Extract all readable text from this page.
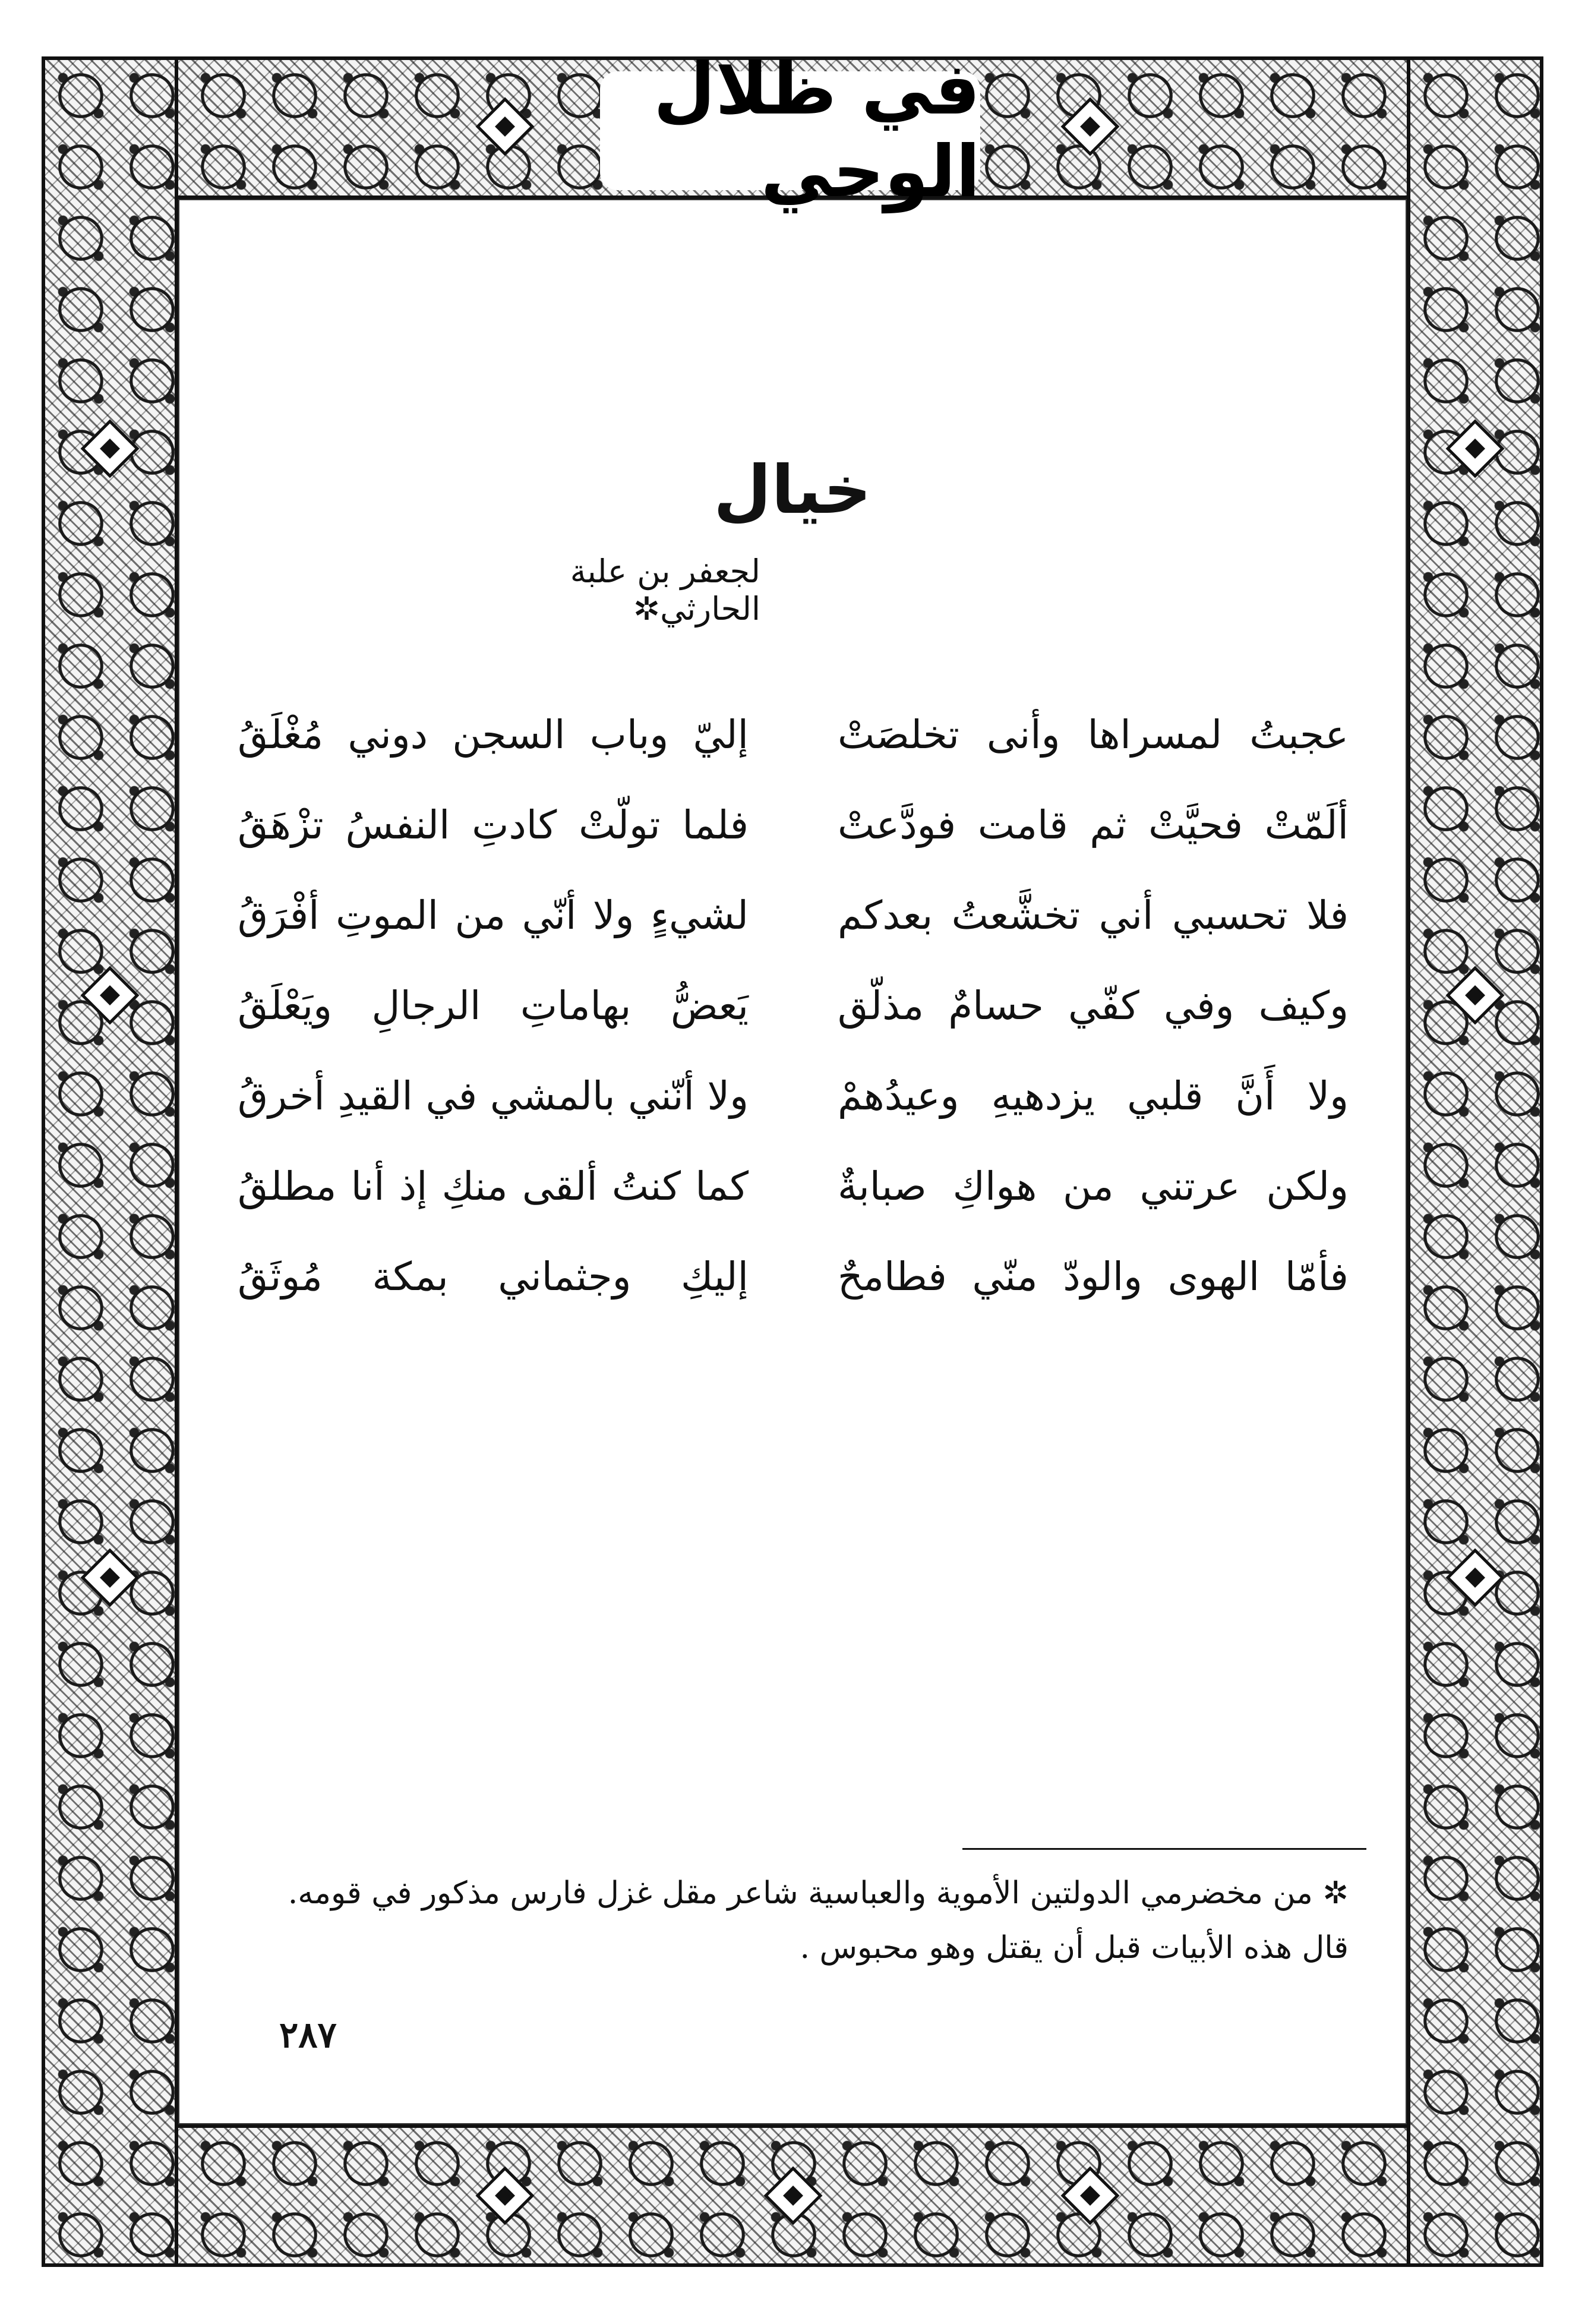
في ظلال الوحي
خيال
لجعفر بن علبة الحارثي✲
عجبتُ لمسراها وأنى تخلصَتْ
إليّ وباب السجن دوني مُغْلَقُ
ألَمّتْ فحيَّتْ ثم قامت فودَّعتْ
فلما تولّتْ كادتِ النفسُ تزْهَقُ
فلا تحسبي أني تخشَّعتُ بعدكم
لشيءٍ ولا أنّي من الموتِ أفْرَقُ
وكيف وفي كفّي حسامٌ مذلّق
يَعضُّ بهاماتِ الرجالِ ويَعْلَقُ
ولا أَنَّ قلبي يزدهيهِ وعيدُهمْ
ولا أنّني بالمشي في القيدِ أخرقُ
ولكن عرتني من هواكِ صبابةٌ
كما كنتُ ألقى منكِ إذ أنا مطلقُ
فأمّا الهوى والودّ منّي فطامحٌ
إليكِ وجثماني بمكة مُوثَقُ
✲ من مخضرمي الدولتين الأموية والعباسية شاعر مقل غزل فارس مذكور في قومه.
قال هذه الأبيات قبل أن يقتل وهو محبوس .
٢٨٧
